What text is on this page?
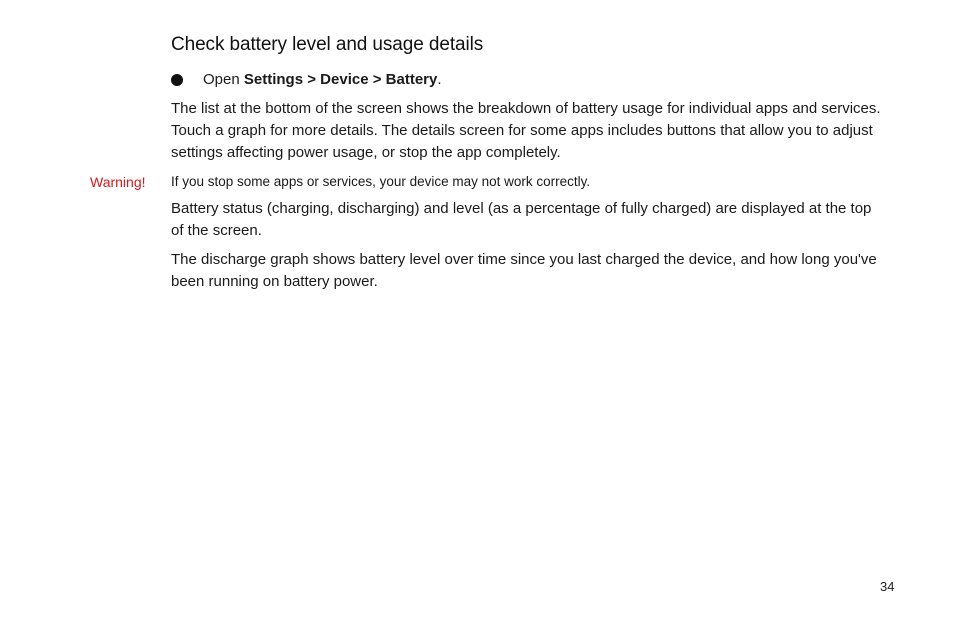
Check battery level and usage details
Open Settings > Device > Battery.

The list at the bottom of the screen shows the breakdown of battery usage for individual apps and services. Touch a graph for more details. The details screen for some apps includes buttons that allow you to adjust settings affecting power usage, or stop the app completely.

Warning! If you stop some apps or services, your device may not work correctly.

Battery status (charging, discharging) and level (as a percentage of fully charged) are displayed at the top of the screen.

The discharge graph shows battery level over time since you last charged the device, and how long you've been running on battery power.

34
